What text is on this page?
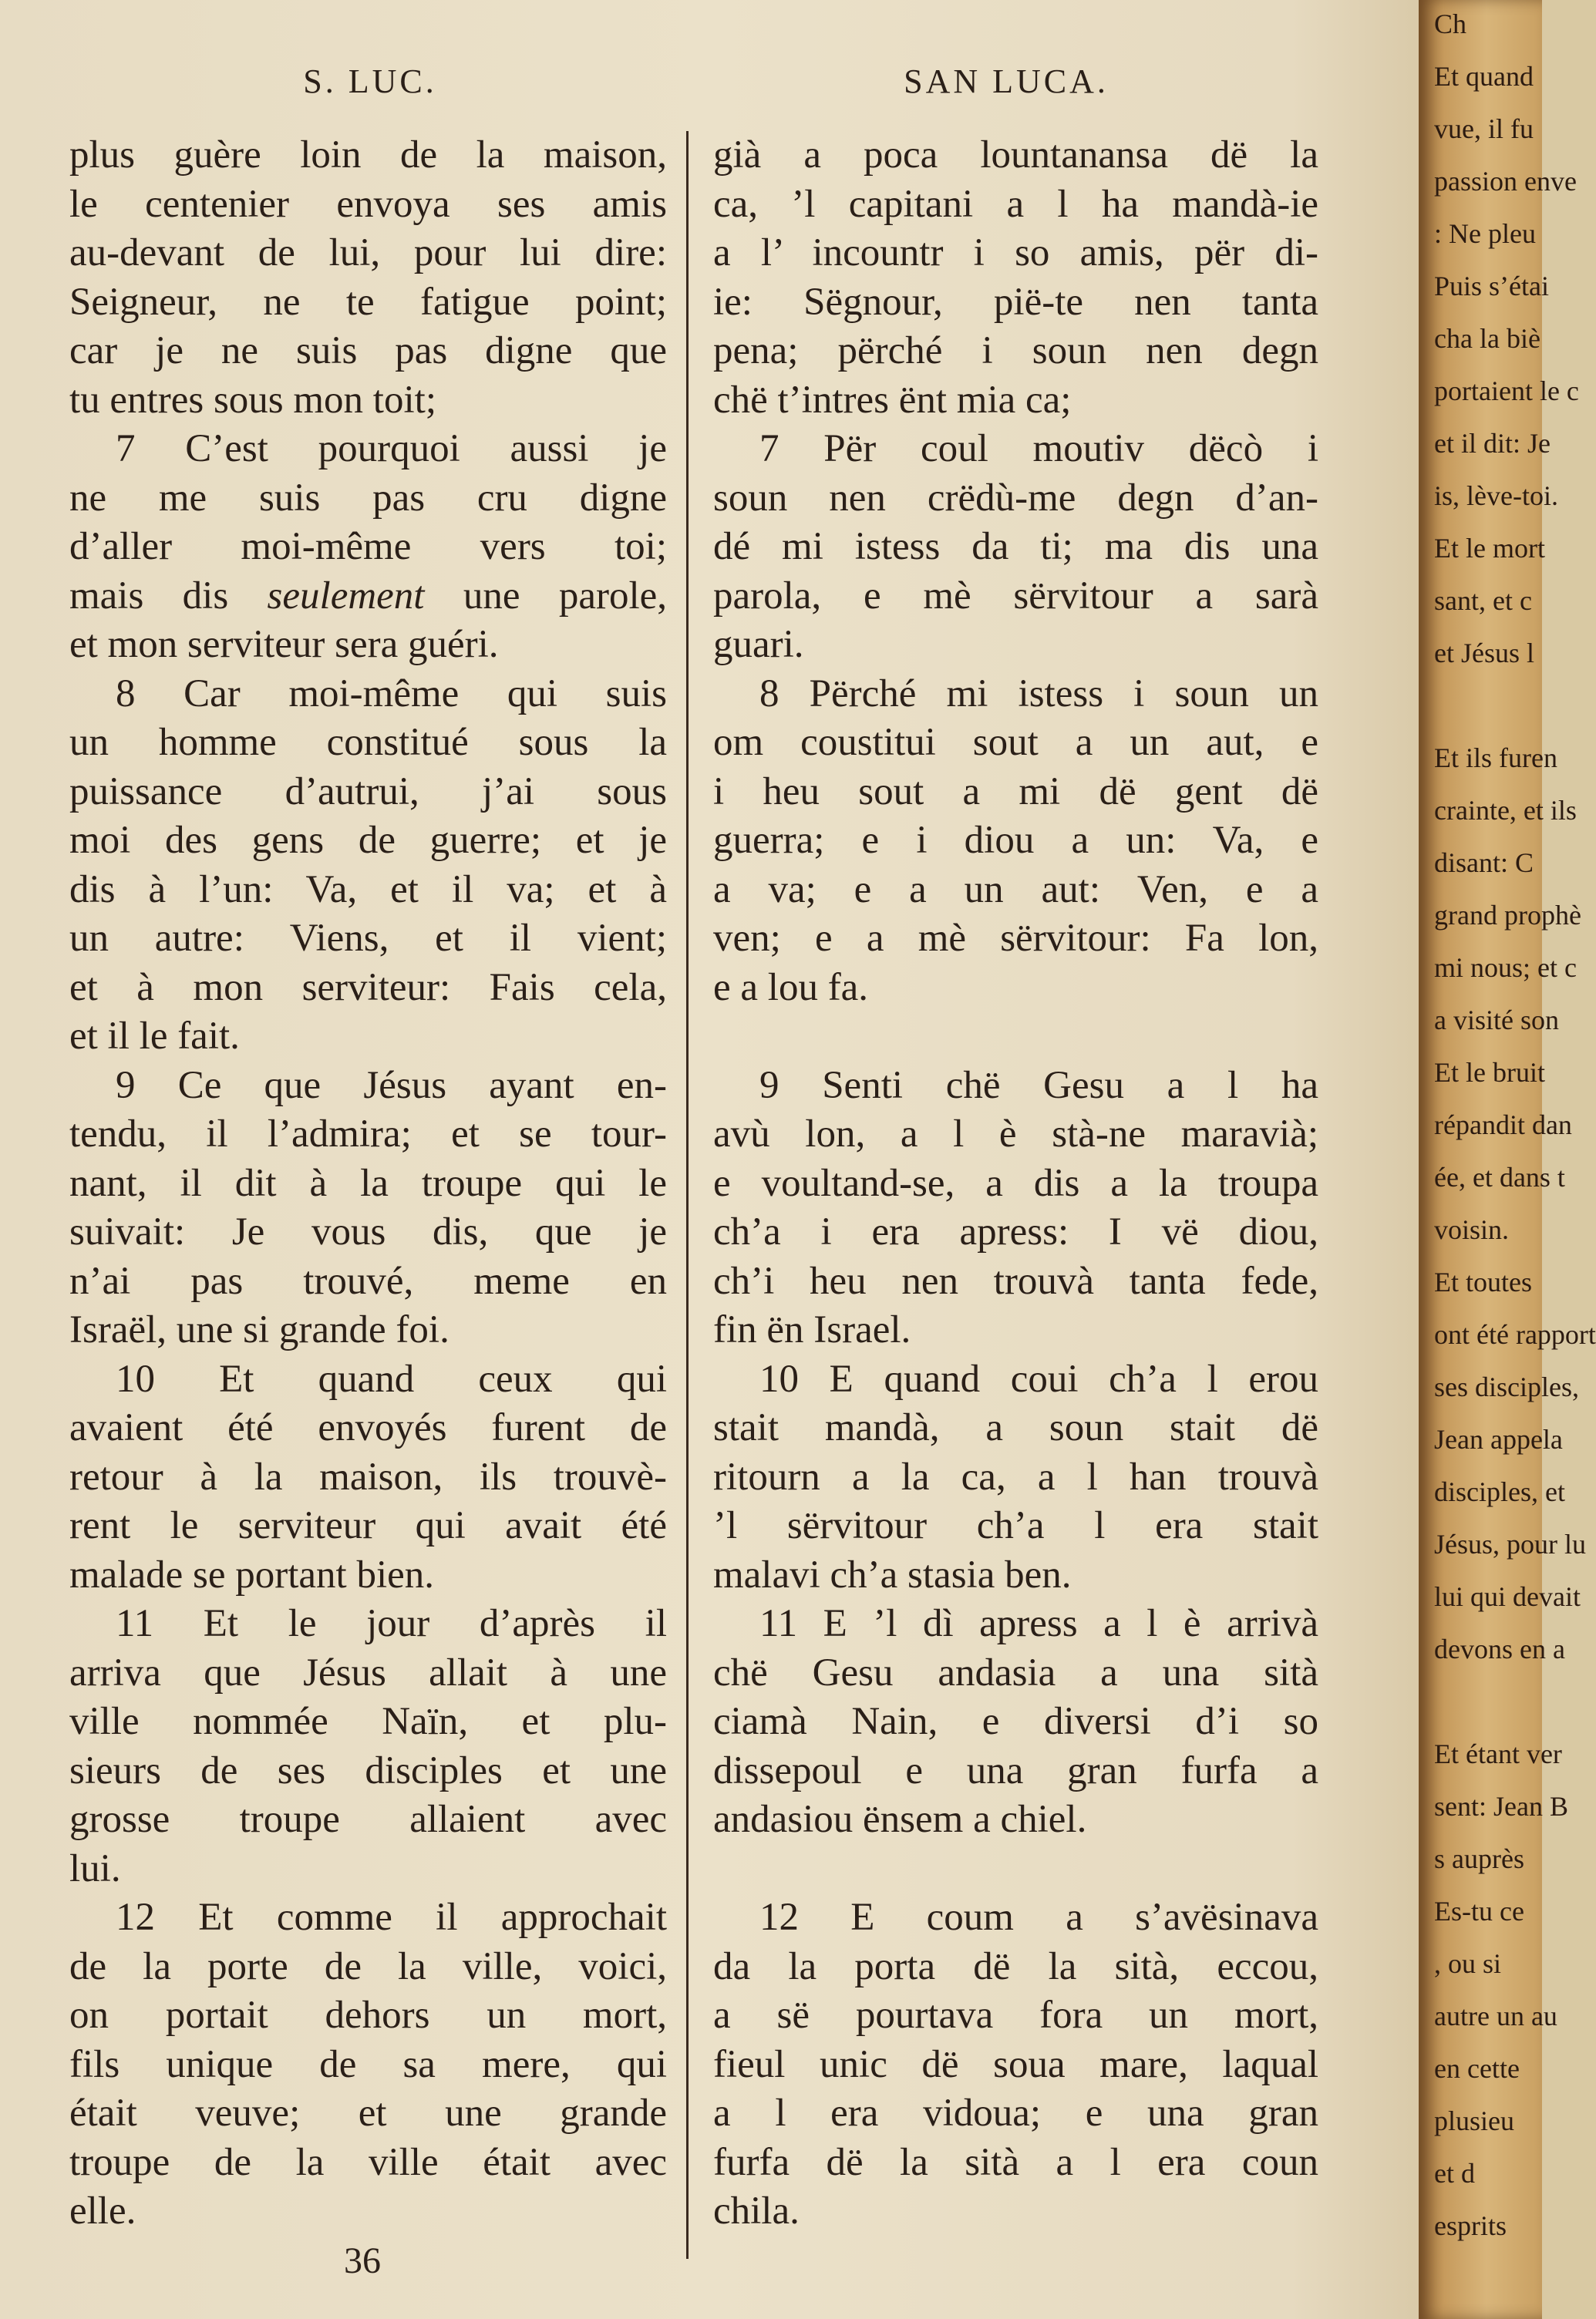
S. LUC.	SAN LUCA.
plus guère loin de la maison,
le centenier envoya ses amis
au-devant de lui, pour lui dire:
Seigneur, ne te fatigue point;
car je ne suis pas digne que
tu entres sous mon toit;
7 C’est pourquoi aussi je
ne me suis pas cru digne
d’aller moi-même vers toi;
mais dis seulement une parole,
et mon serviteur sera guéri.
8 Car moi-même qui suis
un homme constitué sous la
puissance d’autrui, j’ai sous
moi des gens de guerre; et je
dis à l’un: Va, et il va; et à
un autre: Viens, et il vient;
et à mon serviteur: Fais cela,
et il le fait.
9 Ce que Jésus ayant en-
tendu, il l’admira; et se tour-
nant, il dit à la troupe qui le
suivait: Je vous dis, que je
n’ai pas trouvé, meme en
Israël, une si grande foi.
10 Et quand ceux qui
avaient été envoyés furent de
retour à la maison, ils trouvè-
rent le serviteur qui avait été
malade se portant bien.
11 Et le jour d’après il
arriva que Jésus allait à une
ville nommée Naïn, et plu-
sieurs de ses disciples et une
grosse troupe allaient avec
lui.
12 Et comme il approchait
de la porte de la ville, voici,
on portait dehors un mort,
fils unique de sa mere, qui
était veuve; et une grande
troupe de la ville était avec
elle.
già a poca lountanansa dë la
ca, ’l capitani a l ha mandà-ie
a l’ incountr i so amis, për di-
ie: Sëgnour, pië-te nen tanta
pena; përché i soun nen degn
chë t’intres ënt mia ca;
7 Për coul moutiv dëcò i
soun nen crëdù-me degn d’an-
dé mi istess da ti; ma dis una
parola, e mè sërvitour a sarà
guari.
8 Përché mi istess i soun un
om coustitui sout a un aut, e
i heu sout a mi dë gent dë
guerra; e i diou a un: Va, e
a va; e a un aut: Ven, e a
ven; e a mè sërvitour: Fa lon,
e a lou fa.
9 Senti chë Gesu a l ha
avù lon, a l è stà-ne maravià;
e voultand-se, a dis a la troupa
ch’a i era apress: I vë diou,
ch’i heu nen trouvà tanta fede,
fin ën Israel.
10 E quand coui ch’a l erou
stait mandà, a soun stait dë
ritourn a la ca, a l han trouvà
’l sërvitour ch’a l era stait
malavi ch’a stasia ben.
11 E ’l dì apress a l è arrivà
chë Gesu andasia a una sità
ciamà Nain, e diversi d’i so
dissepoul e una gran furfa a
andasiou ënsem a chiel.
12 E coum a s’avësinava
da la porta dë la sità, eccou,
a së pourtava fora un mort,
fieul unic dë soua mare, laqual
a l era vidoua; e una gran
furfa dë la sità a l era coun
chila.
36
Ch
Et quand
vue, il fu
passion enve
: Ne pleu
Puis s’étai
cha la biè
portaient le c
et il dit: Je
is, lève-toi.
Et le mort
sant, et c
et Jésus l
Et ils furen
crainte, et ils
disant: C
grand prophè
mi nous; et c
a visité son
Et le bruit
répandit dan
ée, et dans t
voisin.
Et toutes
ont été rapport
ses disciples,
Jean appela
disciples, et
Jésus, pour lu
lui qui devait
devons en a
Et étant ver
sent: Jean B
s auprès
Es-tu ce
, ou si
autre un au
en cette
plusieu
et d
esprits
